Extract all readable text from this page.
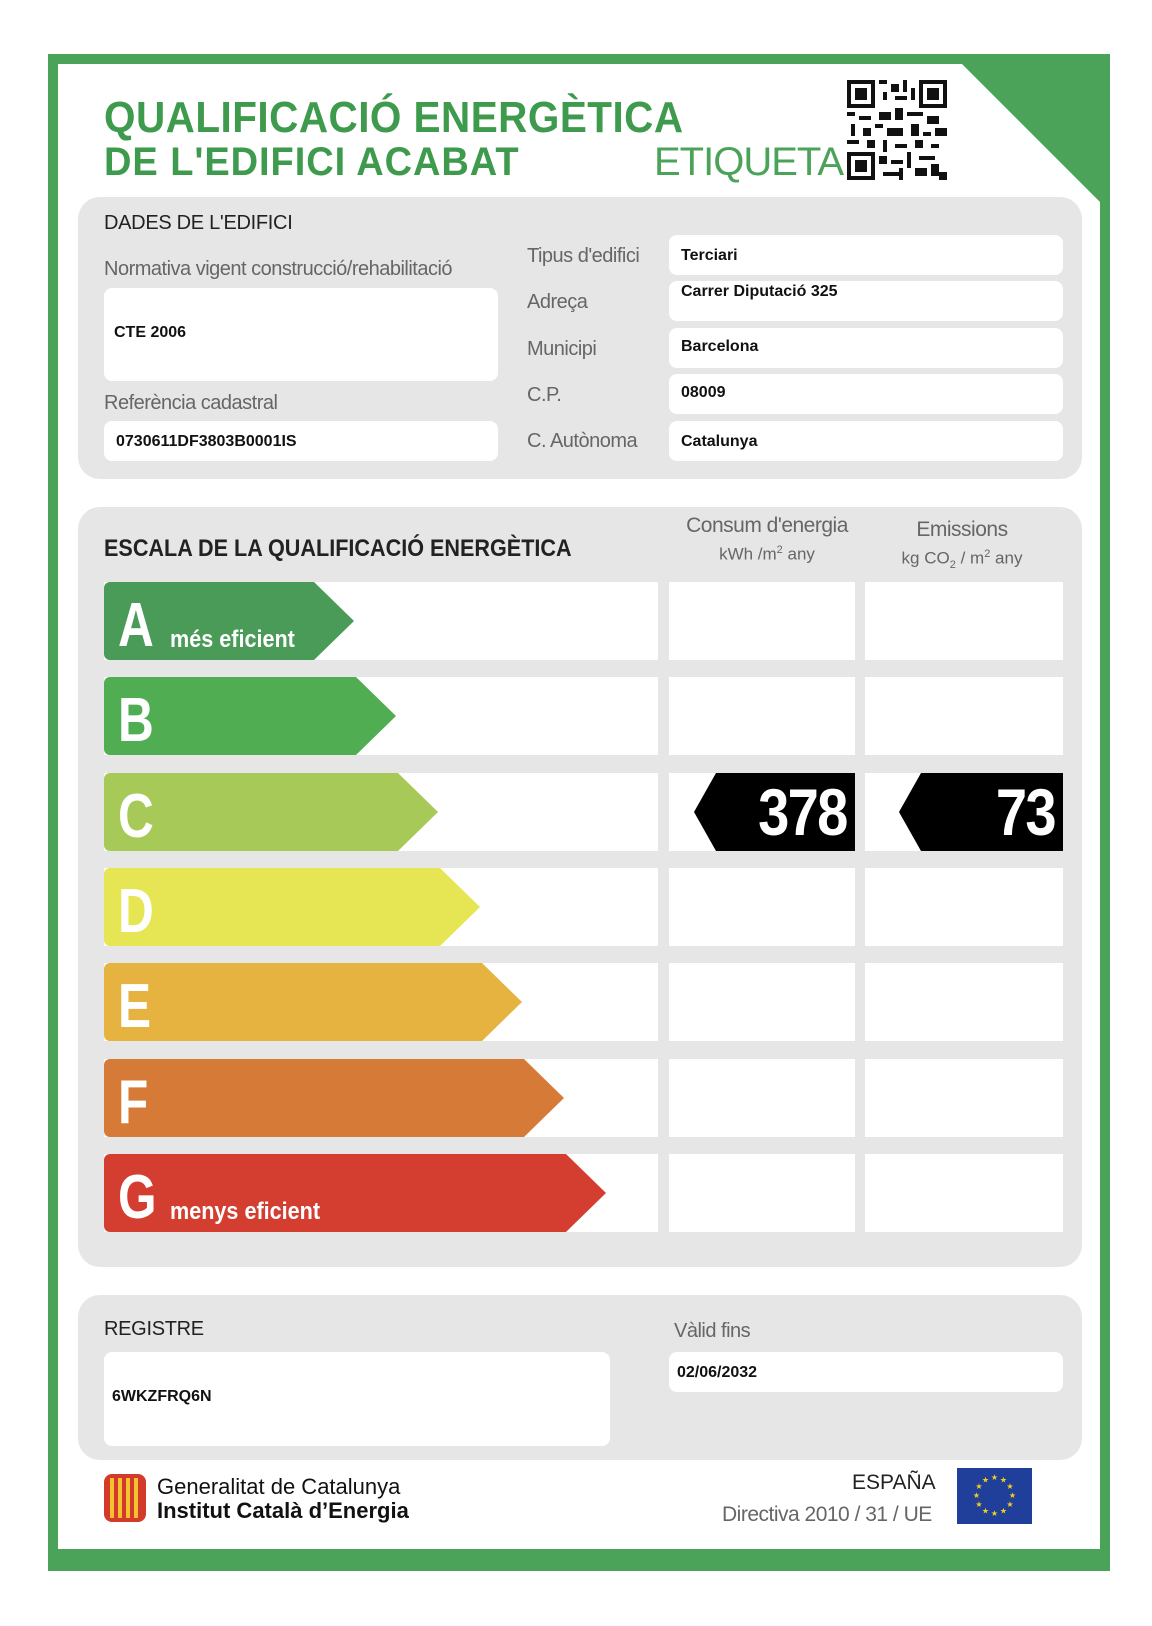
QUALIFICACIÓ ENERGÈTICA
DE L'EDIFICI ACABAT	ETIQUETA
DADES DE L'EDIFICI
Normativa vigent construcció/rehabilitació
CTE 2006
Referència cadastral
0730611DF3803B0001IS
Tipus d'edifici	Terciari
Adreça	Carrer Diputació 325
Municipi	Barcelona
C.P.	08009
C. Autònoma	Catalunya
ESCALA DE LA QUALIFICACIÓ ENERGÈTICA
Consum d'energia
kWh $/m^2$ any
Emissions
kg $CO_2 / m^2$ any
A més eficient
B
C	378	73
D
E
F
G menys eficient
REGISTRE
6WKZFRQ6N
Vàlid fins
02/06/2032
Generalitat de Catalunya
Institut Català d’Energia
ESPAÑA
Directiva 2010 / 31 / UE
★ ★
★
★
★
★
★
★
★
★
★
★
